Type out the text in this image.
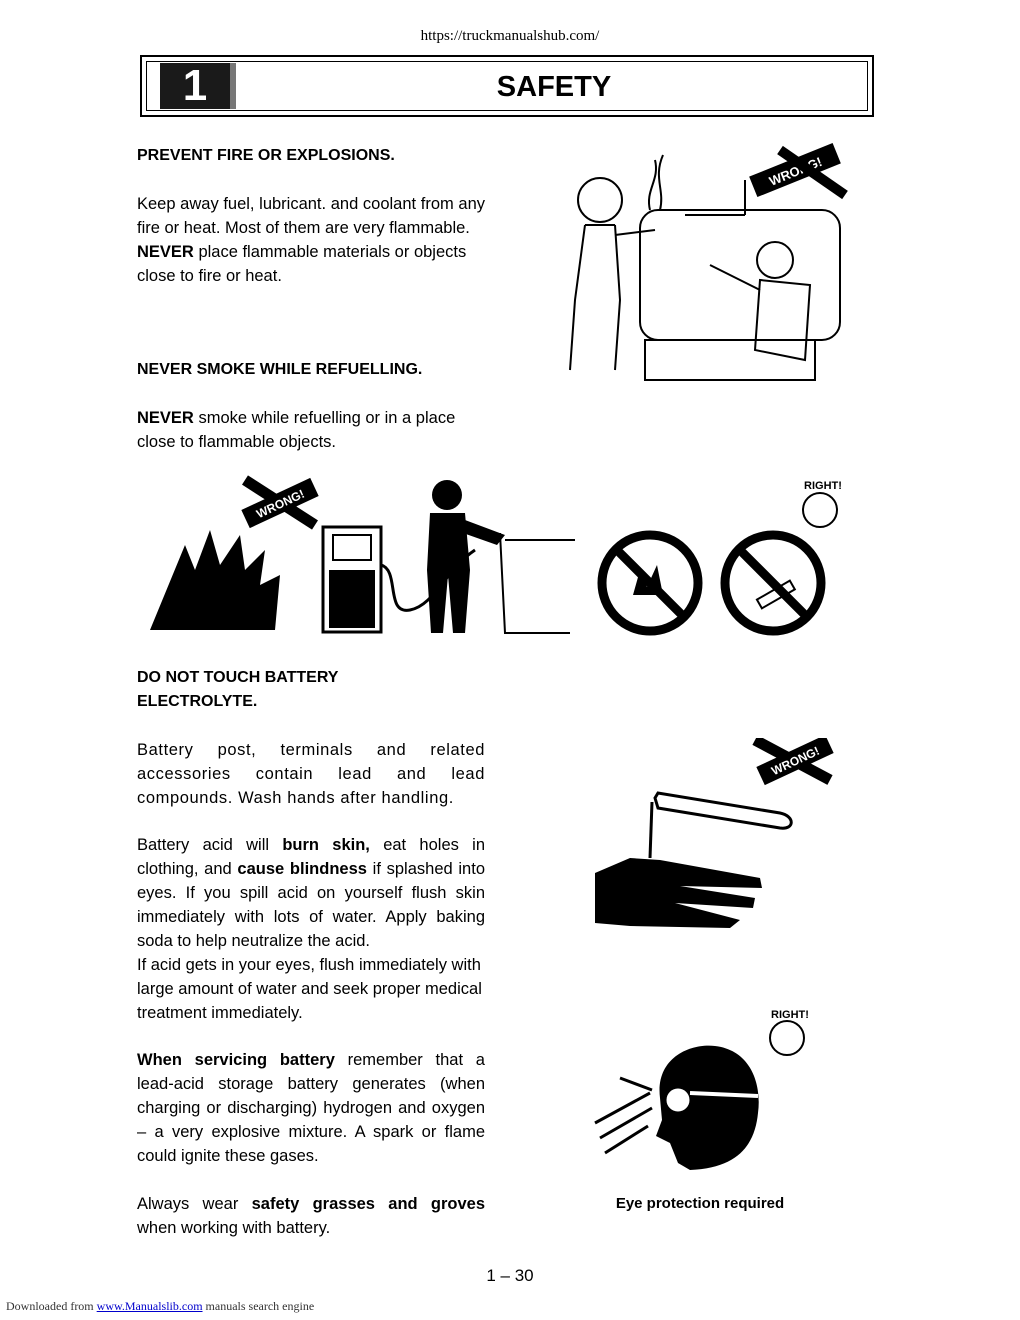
https://truckmanualshub.com/
1	SAFETY

PREVENT FIRE OR EXPLOSIONS.

Keep away fuel, lubricant. and coolant from any fire or heat. Most of them are very flammable.

NEVER place flammable materials or objects close to fire or heat.

NEVER SMOKE WHILE REFUELLING.

NEVER smoke while refuelling or in a place close to flammable objects.

DO NOT TOUCH BATTERY

ELECTROLYTE.

Battery post, terminals and related accessories contain lead and lead compounds. Wash hands after handling.

Battery acid will burn skin, eat holes in clothing, and cause blindness if splashed into eyes. If you spill acid on yourself flush skin immediately with lots of water. Apply baking soda to help neutralize the acid.

If acid gets in your eyes, flush immediately with large amount of water and seek proper medical treatment immediately.

When servicing battery remember that a lead-acid storage battery generates (when charging or discharging) hydrogen and oxygen – a very explosive mixture. A spark or flame could ignite these gases.

Always wear safety grasses and groves when working with battery.

WRONG!
WRONG!
RIGHT!
WRONG!
RIGHT!
Eye protection required
1 – 30
Downloaded from www.Manualslib.com manuals search engine
